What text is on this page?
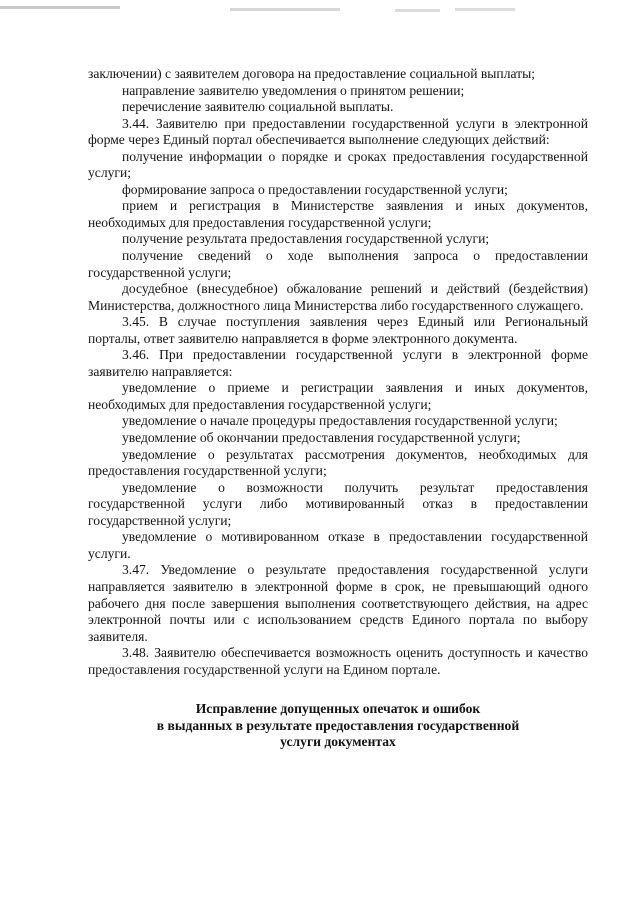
заключении) с заявителем договора на предоставление социальной выплаты;

направление заявителю уведомления о принятом решении;

перечисление заявителю социальной выплаты.

3.44. Заявителю при предоставлении государственной услуги в электронной форме через Единый портал обеспечивается выполнение следующих действий:

получение информации о порядке и сроках предоставления государственной услуги;

формирование запроса о предоставлении государственной услуги;

прием и регистрация в Министерстве заявления и иных документов, необходимых для предоставления государственной услуги;

получение результата предоставления государственной услуги;

получение сведений о ходе выполнения запроса о предоставлении государственной услуги;

досудебное (внесудебное) обжалование решений и действий (бездействия) Министерства, должностного лица Министерства либо государственного служащего.

3.45. В случае поступления заявления через Единый или Региональный порталы, ответ заявителю направляется в форме электронного документа.

3.46. При предоставлении государственной услуги в электронной форме заявителю направляется:

уведомление о приеме и регистрации заявления и иных документов, необходимых для предоставления государственной услуги;

уведомление о начале процедуры предоставления государственной услуги;

уведомление об окончании предоставления государственной услуги;

уведомление о результатах рассмотрения документов, необходимых для предоставления государственной услуги;

уведомление о возможности получить результат предоставления государственной услуги либо мотивированный отказ в предоставлении государственной услуги;

уведомление о мотивированном отказе в предоставлении государственной услуги.

3.47. Уведомление о результате предоставления государственной услуги направляется заявителю в электронной форме в срок, не превышающий одного рабочего дня после завершения выполнения соответствующего действия, на адрес электронной почты или с использованием средств Единого портала по выбору заявителя.

3.48. Заявителю обеспечивается возможность оценить доступность и качество предоставления государственной услуги на Едином портале.

Исправление допущенных опечаток и ошибок
в выданных в результате предоставления государственной
услуги документах
